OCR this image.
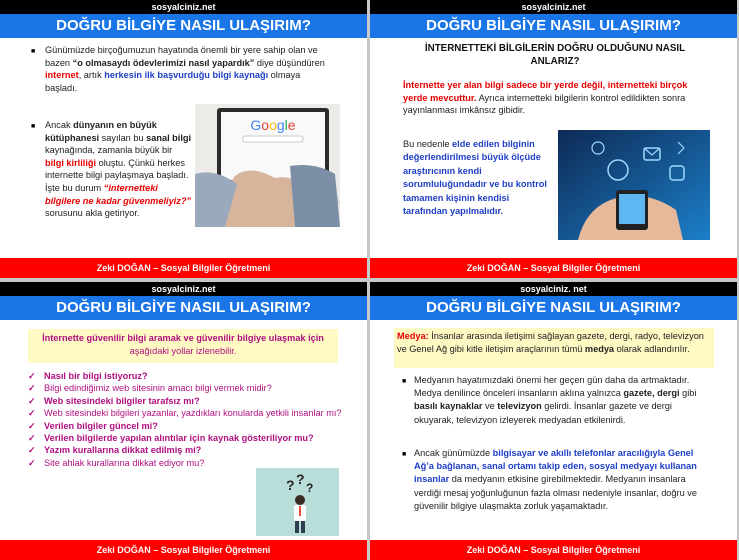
sosyalciniz.net
DOĞRU BİLGİYE NASIL ULAŞIRIM?
■ Günümüzde birçoğumuzun hayatında önemli bir yere sahip olan ve bazen “o olmasaydı ödevlerimizi nasıl yapardık” diye düşündüren internet, artık herkesin ilk başvurduğu bilgi kaynağı olmaya başladı.
■ Ancak dünyanın en büyük kütüphanesi sayılan bu sanal bilgi kaynağında, zamanla büyük bir bilgi kirliliği oluştu. Çünkü herkes internette bilgi paylaşmaya başladı. İşte bu durum “internetteki bilgilere ne kadar güvenmeliyiz?” sorusunu akla getiriyor.
Google
Zeki DOĞAN – Sosyal Bilgiler Öğretmeni
sosyalciniz.net
DOĞRU BİLGİYE NASIL ULAŞIRIM?
İNTERNETTEKİ BİLGİLERİN DOĞRU OLDUĞUNU NASIL ANLARIZ?
İnternette yer alan bilgi sadece bir yerde değil, internetteki birçok yerde mevcuttur. Ayrıca internetteki bilgilerin kontrol edildikten sonra yayınlanması imkânsız gibidir.
Bu nedenle elde edilen bilginin değerlendirilmesi büyük ölçüde araştırıcının kendi sorumluluğundadır ve bu kontrol tamamen kişinin kendisi tarafından yapılmalıdır.
Zeki DOĞAN – Sosyal Bilgiler Öğretmeni
sosyalciniz.net
DOĞRU BİLGİYE NASIL ULAŞIRIM?
İnternette güvenilir bilgi aramak ve güvenilir bilgiye ulaşmak için aşağıdaki yollar izlenebilir.
✓ Nasıl bir bilgi istiyoruz?
✓ Bilgi edindiğimiz web sitesinin amacı bilgi vermek midir?
✓ Web sitesindeki bilgiler tarafsız mı?
✓ Web sitesindeki bilgileri yazanlar, yazdıkları konularda yetkili insanlar mı?
✓ Verilen bilgiler güncel mi?
✓ Verilen bilgilerde yapılan alıntılar için kaynak gösteriliyor mu?
✓ Yazım kurallarına dikkat edilmiş mi?
✓ Site ahlak kurallarına dikkat ediyor mu?
? ?
?
Zeki DOĞAN – Sosyal Bilgiler Öğretmeni
sosyalciniz. net
DOĞRU BİLGİYE NASIL ULAŞIRIM?
Medya: İnsanlar arasında iletişimi sağlayan gazete, dergi, radyo, televizyon ve Genel Ağ gibi kitle iletişim araçlarının tümü medya olarak adlandırılır.
■ Medyanın hayatımızdaki önemi her geçen gün daha da artmaktadır. Medya denilince önceleri insanların aklına yalnızca gazete, dergi gibi basılı kaynaklar ve televizyon gelirdi. İnsanlar gazete ve dergi okuyarak, televizyon izleyerek medyadan etkilenirdi.
■ Ancak günümüzde bilgisayar ve akıllı telefonlar aracılığıyla Genel Ağ’a bağlanan, sanal ortamı takip eden, sosyal medyayı kullanan insanlar da medyanın etkisine girebilmektedir. Medyanın insanlara verdiği mesaj yoğunluğunun fazla olması nedeniyle insanlar, doğru ve güvenilir bilgiye ulaşmakta zorluk yaşamaktadır.
Zeki DOĞAN – Sosyal Bilgiler Öğretmeni
